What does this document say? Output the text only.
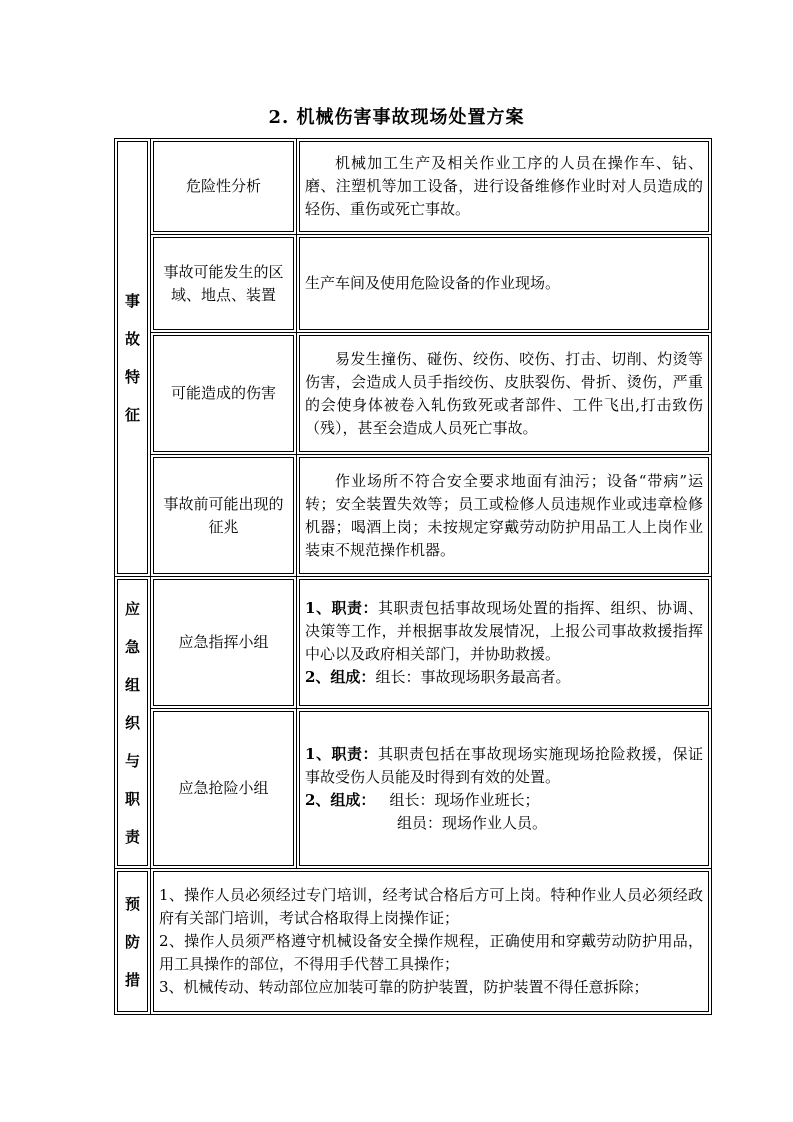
2. 机械伤害事故现场处置方案
事故特征	危险性分析	机械加工生产及相关作业工序的人员在操作车、钻、磨、注塑机等加工设备，进行设备维修作业时对人员造成的轻伤、重伤或死亡事故。

	事故可能发生的区域、地点、装置	生产车间及使用危险设备的作业现场。

	可能造成的伤害	易发生撞伤、碰伤、绞伤、咬伤、打击、切削、灼烫等伤害，会造成人员手指绞伤、皮肤裂伤、骨折、烫伤，严重的会使身体被卷入轧伤致死或者部件、工件飞出,打击致伤（残），甚至会造成人员死亡事故。

	事故前可能出现的征兆	作业场所不符合安全要求地面有油污；设备“带病”运转；安全装置失效等；员工或检修人员违规作业或违章检修机器；喝酒上岗；未按规定穿戴劳动防护用品工人上岗作业装束不规范操作机器。

应急组织与职责	应急指挥小组	1、职责：其职责包括事故现场处置的指挥、组织、协调、决策等工作，并根据事故发展情况，上报公司事故救援指挥中心以及政府相关部门，并协助救援。
2、组成：组长：事故现场职务最高者。

	应急抢险小组	1、职责：其职责包括在事故现场实施现场抢险救援，保证事故受伤人员能及时得到有效的处置。
2、组成： 组长：现场作业班长；
组员：现场作业人员。

预防措	1、操作人员必须经过专门培训，经考试合格后方可上岗。特种作业人员必须经政府有关部门培训，考试合格取得上岗操作证；
2、操作人员须严格遵守机械设备安全操作规程，正确使用和穿戴劳动防护用品，用工具操作的部位，不得用手代替工具操作；
3、机械传动、转动部位应加装可靠的防护装置，防护装置不得任意拆除；	
